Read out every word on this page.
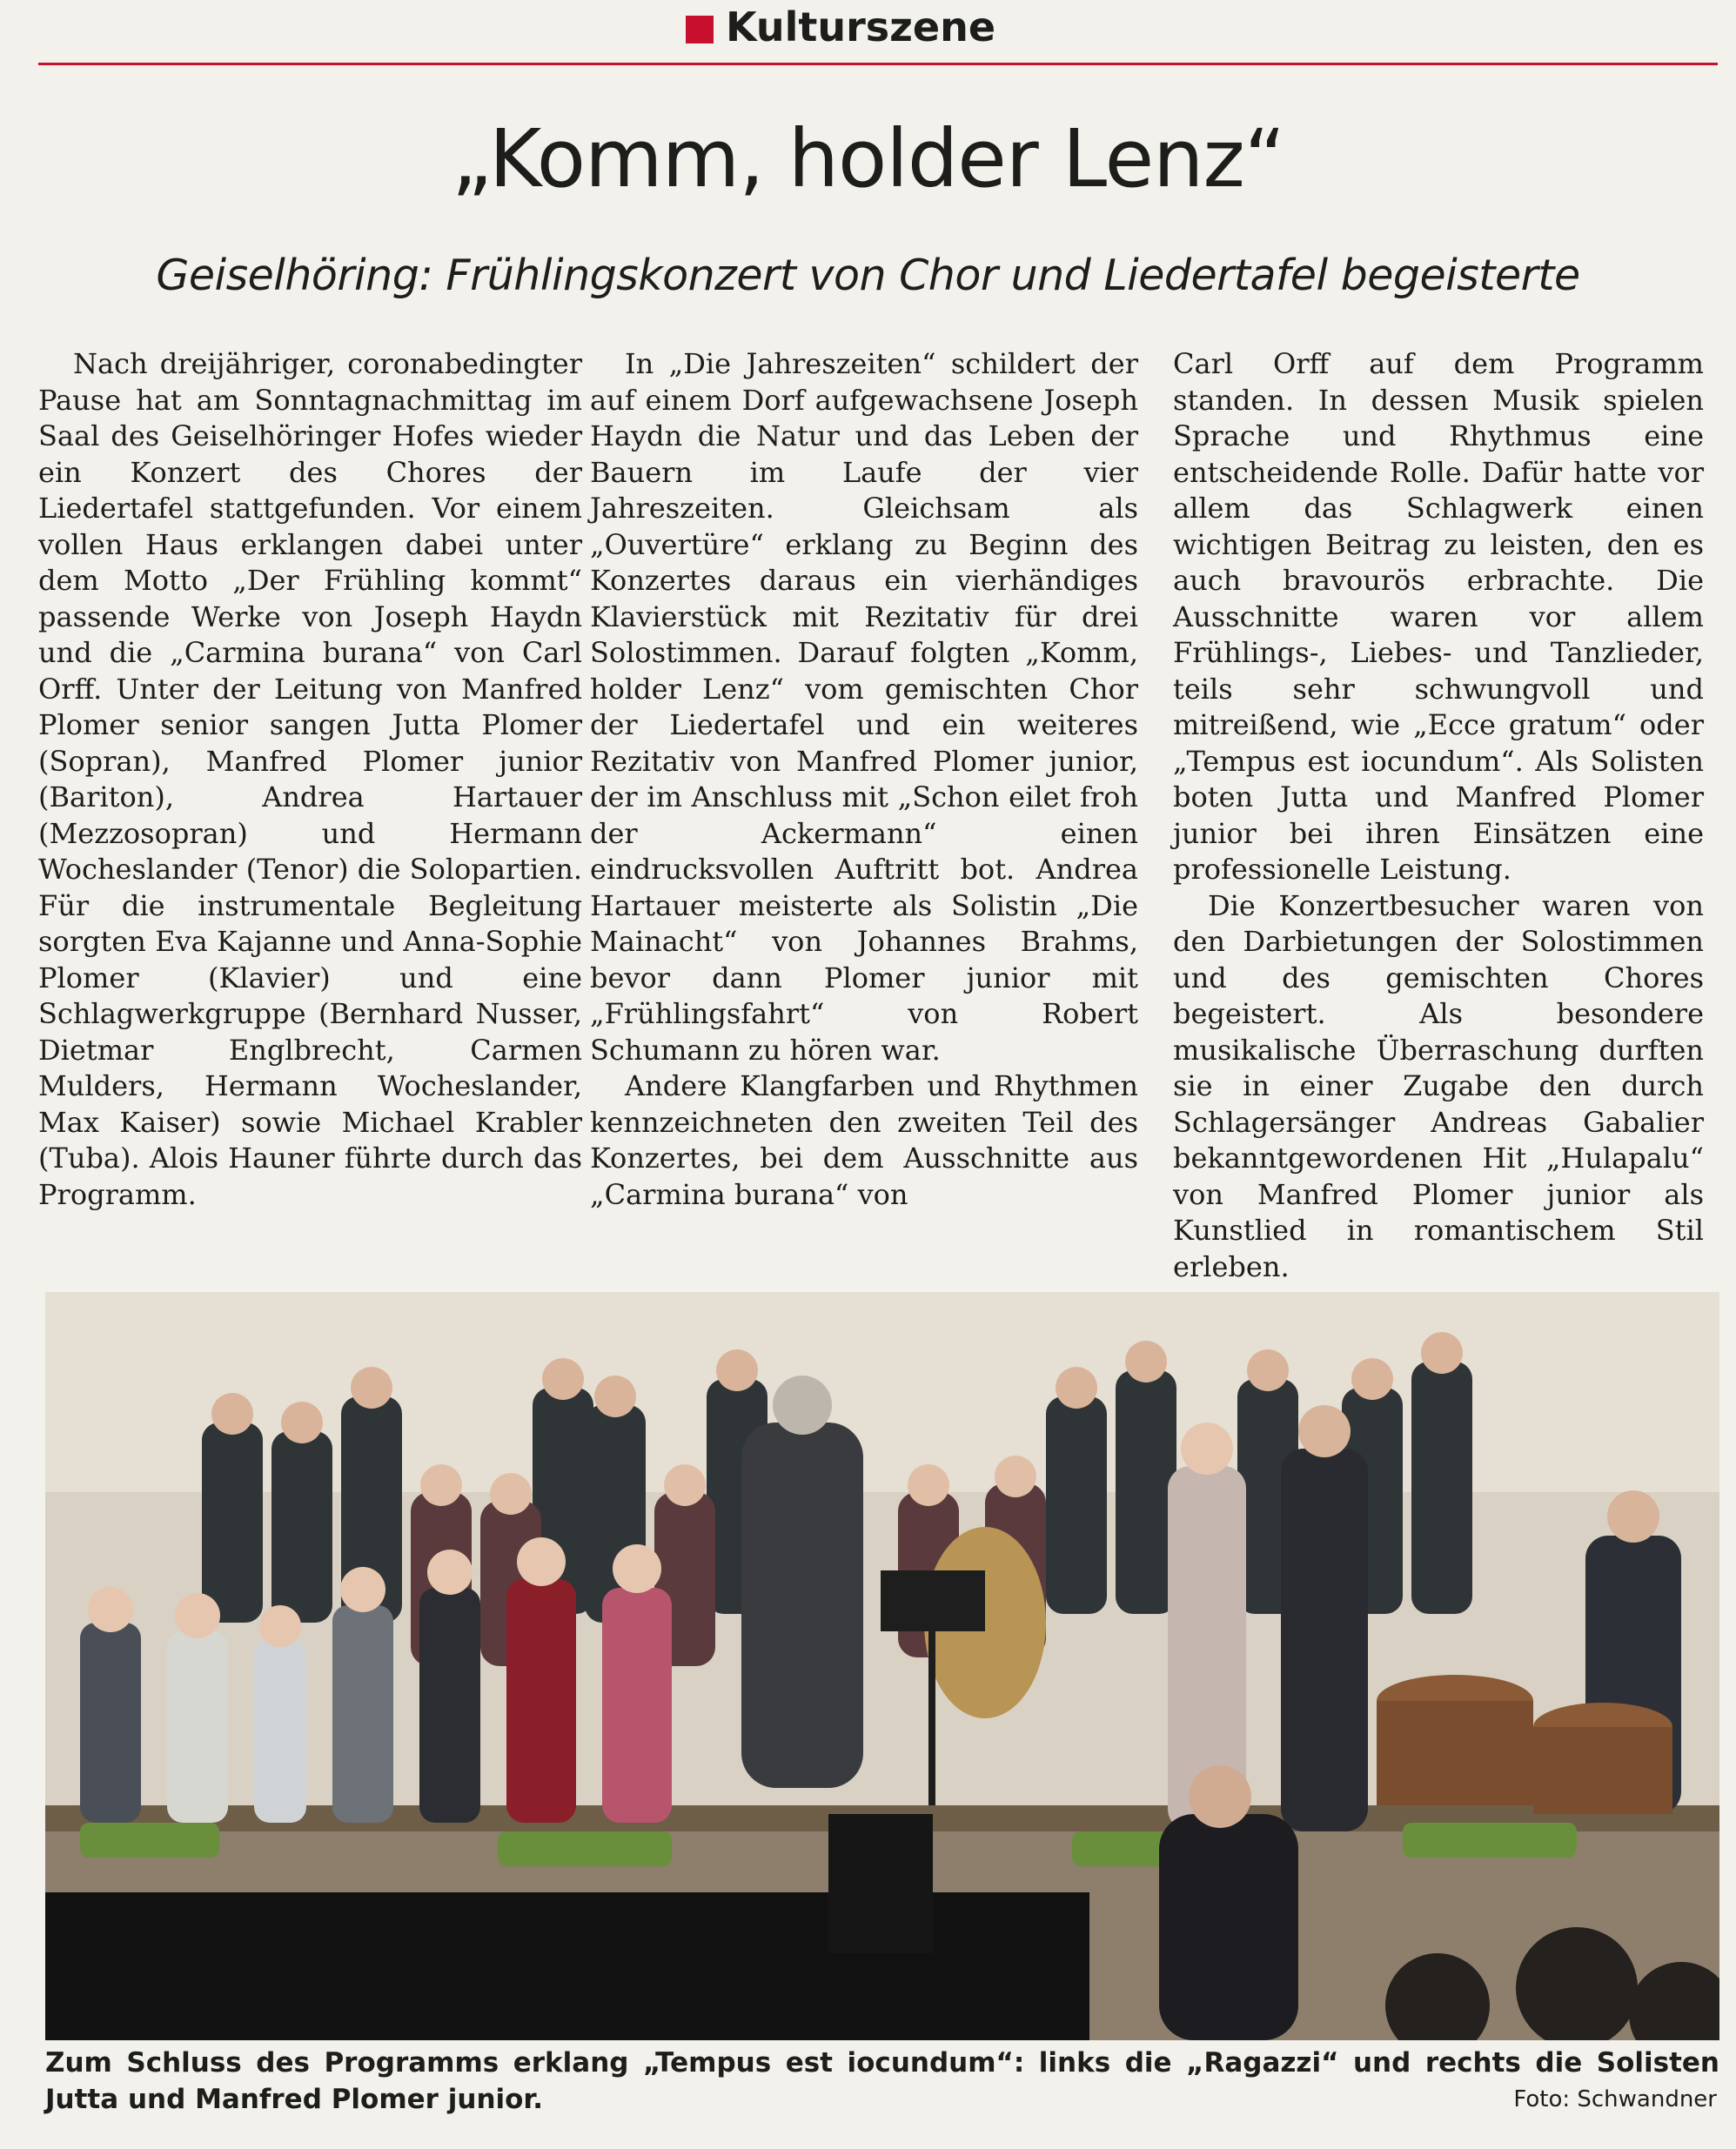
Kulturszene
„Komm, holder Lenz“
Geiselhöring: Frühlingskonzert von Chor und Liedertafel begeisterte

Nach dreijähriger, coronabedingter Pause hat am Sonntagnachmittag im Saal des Geiselhöringer Hofes wieder ein Konzert des Chores der Liedertafel stattgefunden. Vor einem vollen Haus erklangen dabei unter dem Motto „Der Frühling kommt“ passende Werke von Joseph Haydn und die „Carmina burana“ von Carl Orff. Unter der Leitung von Manfred Plomer senior sangen Jutta Plomer (Sopran), Manfred Plomer junior (Bariton), Andrea Hartauer (Mezzosopran) und Hermann Wocheslander (Tenor) die Solopartien. Für die instrumentale Begleitung sorgten Eva Kajanne und Anna-Sophie Plomer (Klavier) und eine Schlagwerkgruppe (Bernhard Nusser, Dietmar Englbrecht, Carmen Mulders, Hermann Wocheslander, Max Kaiser) sowie Michael Krabler (Tuba). Alois Hauner führte durch das Programm.

In „Die Jahreszeiten“ schildert der auf einem Dorf aufgewachsene Joseph Haydn die Natur und das Leben der Bauern im Laufe der vier Jahreszeiten. Gleichsam als „Ouvertüre“ erklang zu Beginn des Konzertes daraus ein vierhändiges Klavierstück mit Rezitativ für drei Solostimmen. Darauf folgten „Komm, holder Lenz“ vom gemischten Chor der Liedertafel und ein weiteres Rezitativ von Manfred Plomer junior, der im Anschluss mit „Schon eilet froh der Ackermann“ einen eindrucksvollen Auftritt bot. Andrea Hartauer meisterte als Solistin „Die Mainacht“ von Johannes Brahms, bevor dann Plomer junior mit „Frühlingsfahrt“ von Robert Schumann zu hören war.

Andere Klangfarben und Rhythmen kennzeichneten den zweiten Teil des Konzertes, bei dem Ausschnitte aus „Carmina burana“ von

Carl Orff auf dem Programm standen. In dessen Musik spielen Sprache und Rhythmus eine entscheidende Rolle. Dafür hatte vor allem das Schlagwerk einen wichtigen Beitrag zu leisten, den es auch bravourös erbrachte. Die Ausschnitte waren vor allem Frühlings-, Liebes- und Tanzlieder, teils sehr schwungvoll und mitreißend, wie „Ecce gratum“ oder „Tempus est iocundum“. Als Solisten boten Jutta und Manfred Plomer junior bei ihren Einsätzen eine professionelle Leistung.

Die Konzertbesucher waren von den Darbietungen der Solostimmen und des gemischten Chores begeistert. Als besondere musikalische Überraschung durften sie in einer Zugabe den durch Schlagersänger Andreas Gabalier bekanntgewordenen Hit „Hulapalu“ von Manfred Plomer junior als Kunstlied in romantischem Stil erleben.

Zum Schluss des Programms erklang „Tempus est iocundum“: links die „Ragazzi“ und rechts die Solisten Jutta und Manfred Plomer junior.	Foto: Schwandner
